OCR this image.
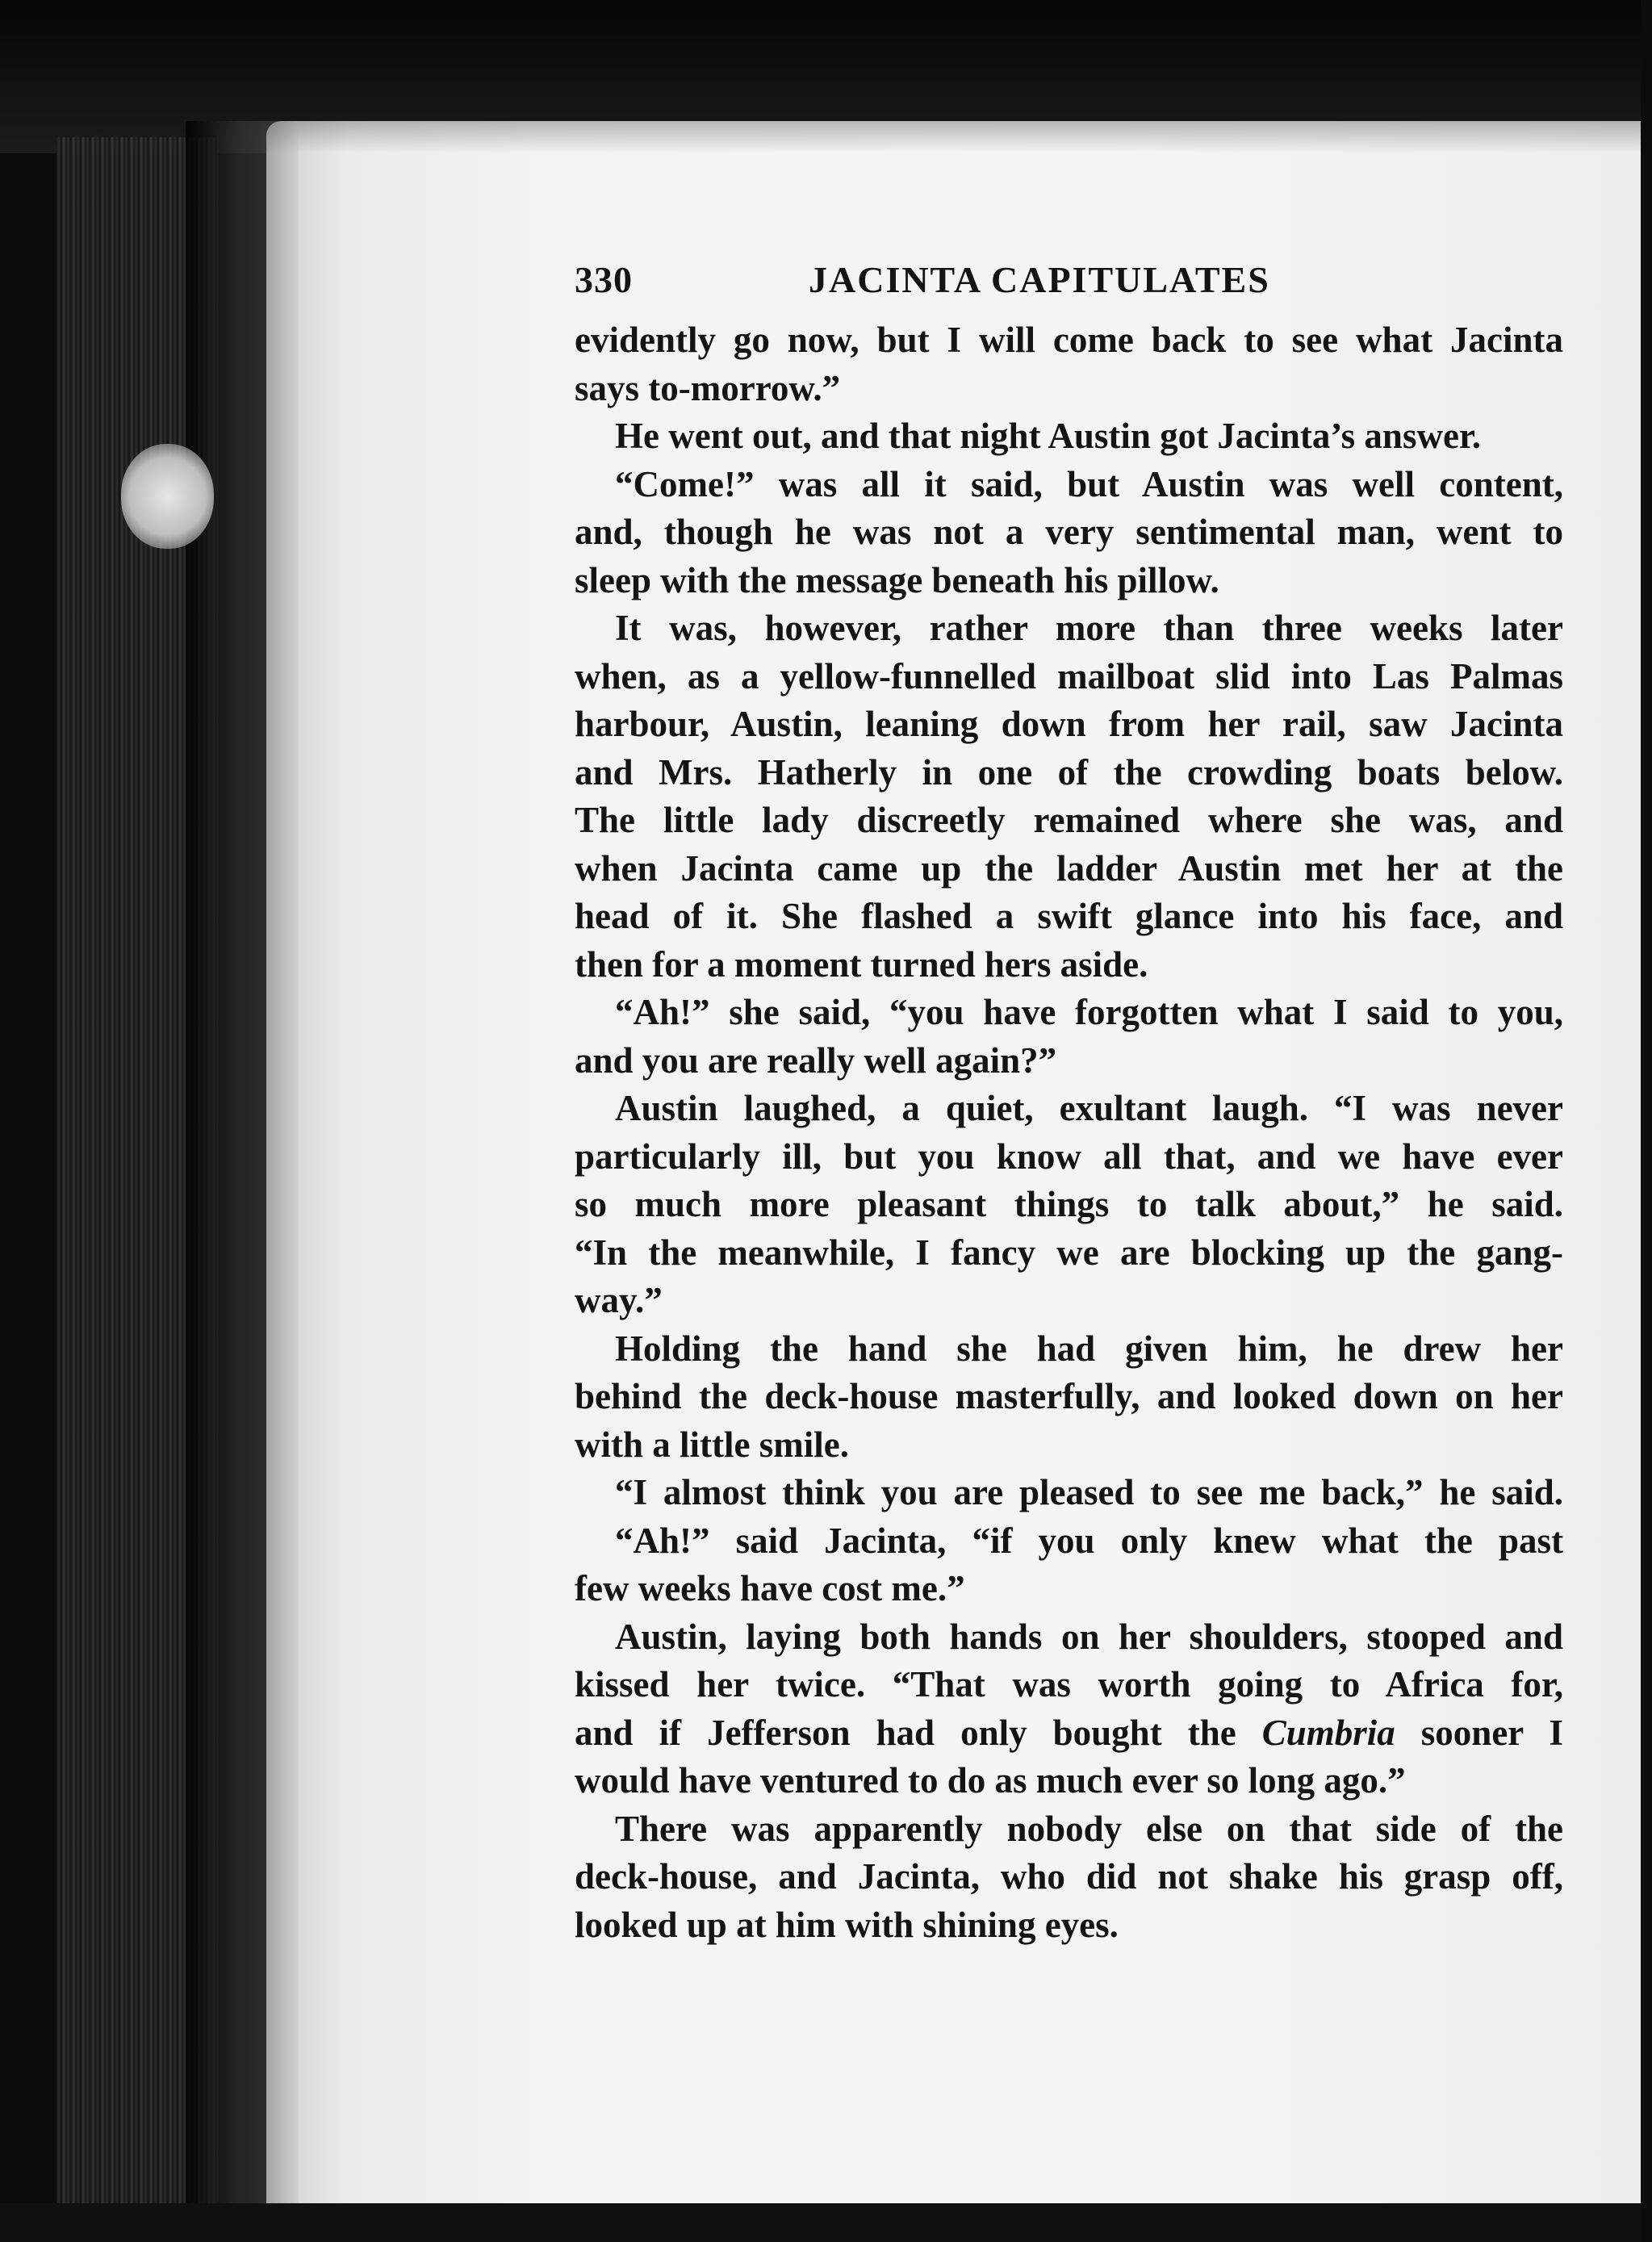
330	JACINTA CAPITULATES
evidently go now, but I will come back to see what Jacinta
says to-morrow.”
He went out, and that night Austin got Jacinta’s answer.
“Come!” was all it said, but Austin was well content,
and, though he was not a very sentimental man, went to
sleep with the message beneath his pillow.
It was, however, rather more than three weeks later
when, as a yellow-funnelled mailboat slid into Las Palmas
harbour, Austin, leaning down from her rail, saw Jacinta
and Mrs. Hatherly in one of the crowding boats below.
The little lady discreetly remained where she was, and
when Jacinta came up the ladder Austin met her at the
head of it. She flashed a swift glance into his face, and
then for a moment turned hers aside.
“Ah!” she said, “you have forgotten what I said to you,
and you are really well again?”
Austin laughed, a quiet, exultant laugh. “I was never
particularly ill, but you know all that, and we have ever
so much more pleasant things to talk about,” he said.
“In the meanwhile, I fancy we are blocking up the gang-
way.”
Holding the hand she had given him, he drew her
behind the deck-house masterfully, and looked down on her
with a little smile.
“I almost think you are pleased to see me back,” he said.
“Ah!” said Jacinta, “if you only knew what the past
few weeks have cost me.”
Austin, laying both hands on her shoulders, stooped and
kissed her twice. “That was worth going to Africa for,
and if Jefferson had only bought the Cumbria sooner I
would have ventured to do as much ever so long ago.”
There was apparently nobody else on that side of the
deck-house, and Jacinta, who did not shake his grasp off,
looked up at him with shining eyes.
